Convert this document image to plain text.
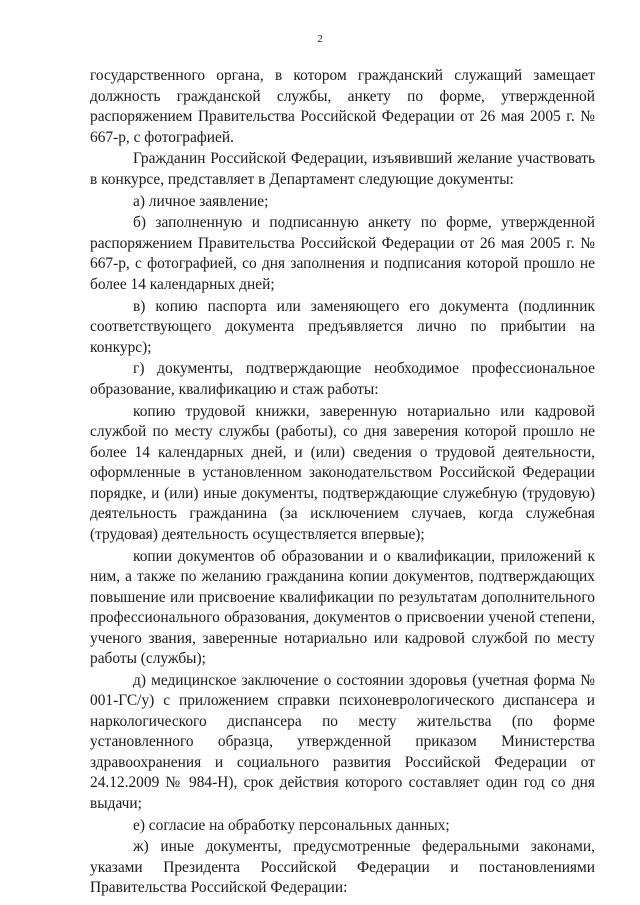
2

государственного органа, в котором гражданский служащий замещает должность гражданской службы, анкету по форме, утвержденной распоряжением Правительства Российской Федерации от 26 мая 2005 г. № 667-р, с фотографией.

Гражданин Российской Федерации, изъявивший желание участвовать в конкурсе, представляет в Департамент следующие документы:

а) личное заявление;

б) заполненную и подписанную анкету по форме, утвержденной распоряжением Правительства Российской Федерации от 26 мая 2005 г. № 667-р, с фотографией, со дня заполнения и подписания которой прошло не более 14 календарных дней;

в) копию паспорта или заменяющего его документа (подлинник соответствующего документа предъявляется лично по прибытии на конкурс);

г) документы, подтверждающие необходимое профессиональное образование, квалификацию и стаж работы:

копию трудовой книжки, заверенную нотариально или кадровой службой по месту службы (работы), со дня заверения которой прошло не более 14 календарных дней, и (или) сведения о трудовой деятельности, оформленные в установленном законодательством Российской Федерации порядке, и (или) иные документы, подтверждающие служебную (трудовую) деятельность гражданина (за исключением случаев, когда служебная (трудовая) деятельность осуществляется впервые);

копии документов об образовании и о квалификации, приложений к ним, а также по желанию гражданина копии документов, подтверждающих повышение или присвоение квалификации по результатам дополнительного профессионального образования, документов о присвоении ученой степени, ученого звания, заверенные нотариально или кадровой службой по месту работы (службы);

д) медицинское заключение о состоянии здоровья (учетная форма № 001-ГС/у) с приложением справки психоневрологического диспансера и наркологического диспансера по месту жительства (по форме установленного образца, утвержденной приказом Министерства здравоохранения и социального развития Российской Федерации от 24.12.2009 № 984-Н), срок действия которого составляет один год со дня выдачи;

е) согласие на обработку персональных данных;

ж) иные документы, предусмотренные федеральными законами, указами Президента Российской Федерации и постановлениями Правительства Российской Федерации:
